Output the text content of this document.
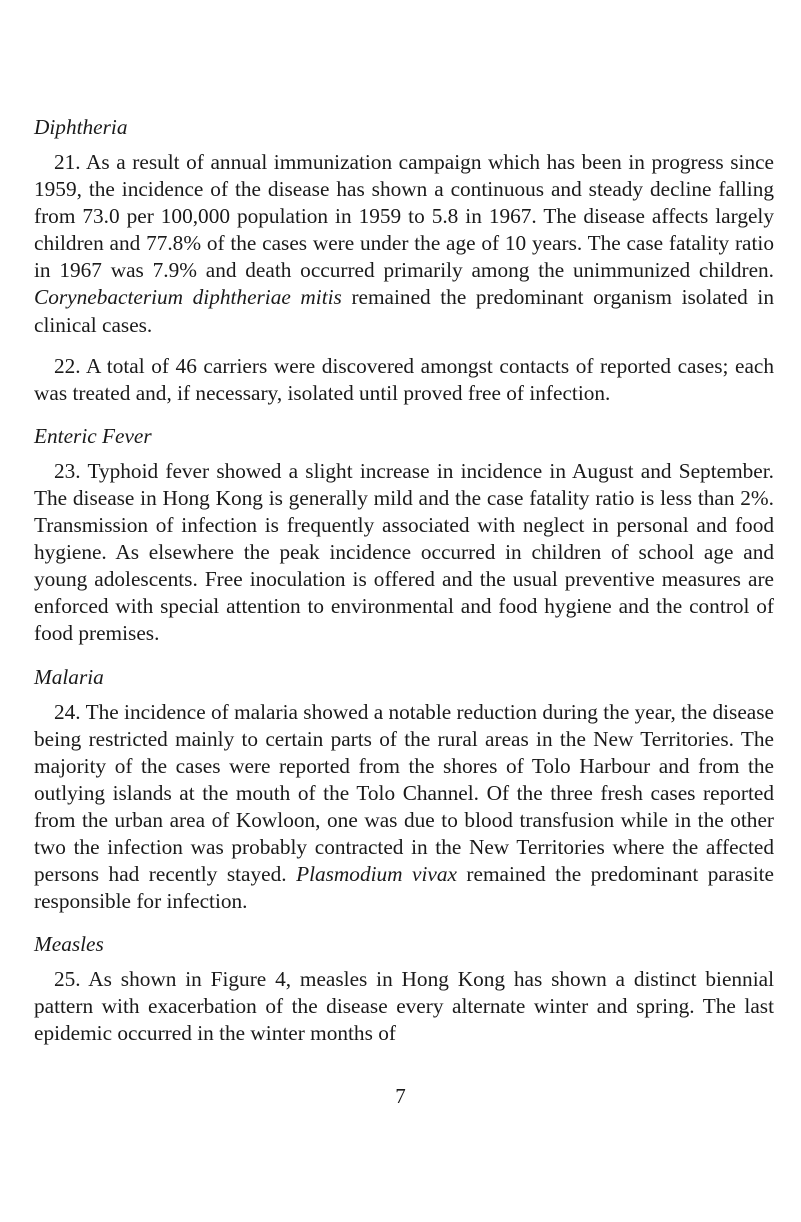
Diphtheria

21. As a result of annual immunization campaign which has been in progress since 1959, the incidence of the disease has shown a continuous and steady decline falling from 73.0 per 100,000 population in 1959 to 5.8 in 1967. The disease affects largely children and 77.8% of the cases were under the age of 10 years. The case fatality ratio in 1967 was 7.9% and death occurred primarily among the unimmunized children. Corynebacterium diphtheriae mitis remained the predominant organism isolated in clinical cases.

22. A total of 46 carriers were discovered amongst contacts of reported cases; each was treated and, if necessary, isolated until proved free of infection.

Enteric Fever

23. Typhoid fever showed a slight increase in incidence in August and September. The disease in Hong Kong is generally mild and the case fatality ratio is less than 2%. Transmission of infection is frequently associated with neglect in personal and food hygiene. As elsewhere the peak incidence occurred in children of school age and young adolescents. Free inoculation is offered and the usual preventive measures are enforced with special attention to environmental and food hygiene and the control of food premises.

Malaria

24. The incidence of malaria showed a notable reduction during the year, the disease being restricted mainly to certain parts of the rural areas in the New Territories. The majority of the cases were reported from the shores of Tolo Harbour and from the outlying islands at the mouth of the Tolo Channel. Of the three fresh cases reported from the urban area of Kowloon, one was due to blood transfusion while in the other two the infection was probably contracted in the New Territories where the affected persons had recently stayed. Plasmodium vivax remained the predominant parasite responsible for infection.

Measles

25. As shown in Figure 4, measles in Hong Kong has shown a distinct biennial pattern with exacerbation of the disease every alternate winter and spring. The last epidemic occurred in the winter months of

7
